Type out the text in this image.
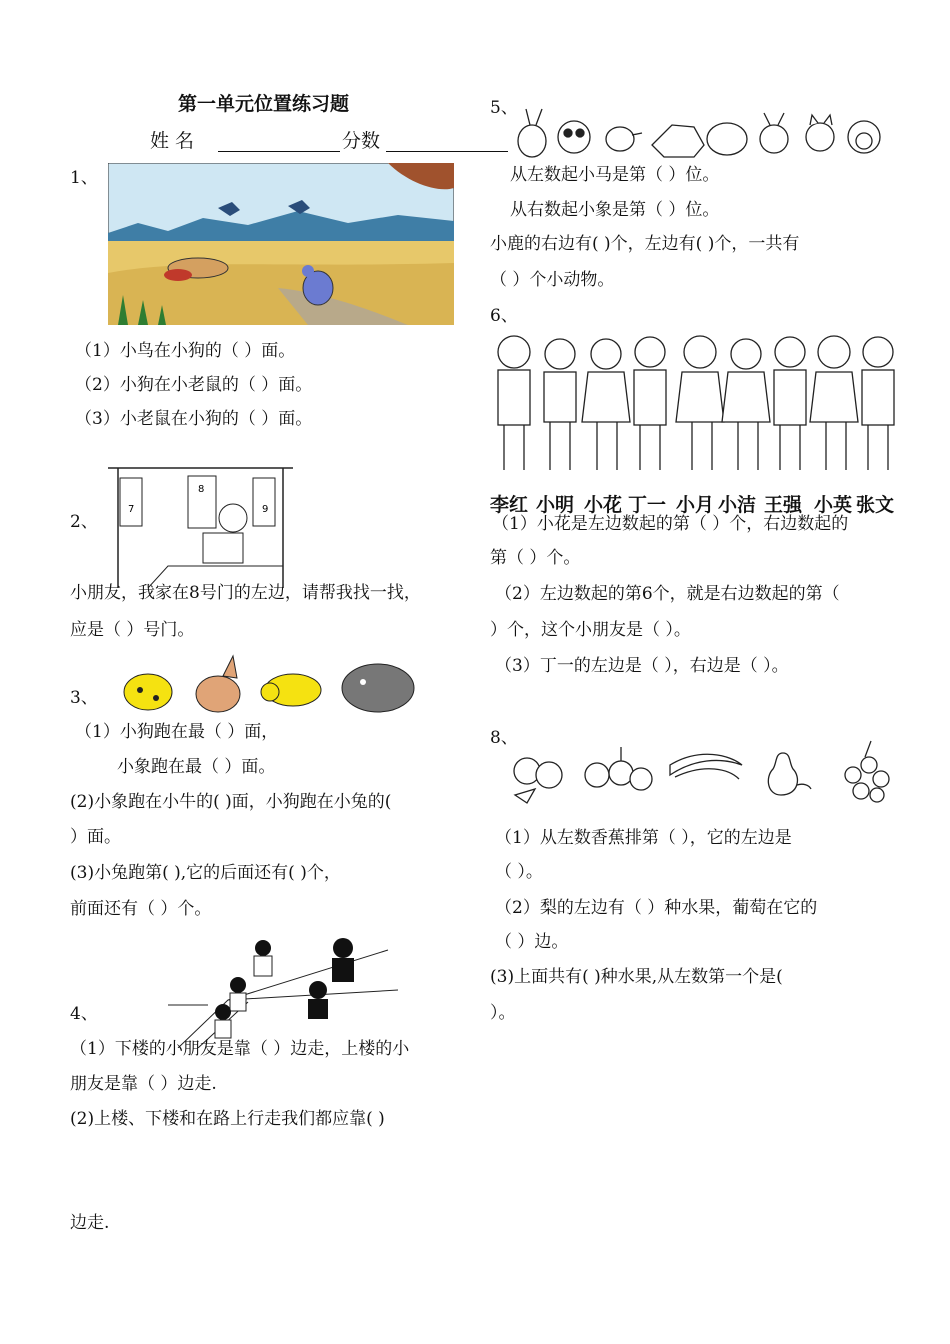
第一单元位置练习题
姓 名	分数
1、
（1）小鸟在小狗的（ ）面。
（2）小狗在小老鼠的（ ）面。
（3）小老鼠在小狗的（ ）面。
2、
7
8
9
小朋友，我家在8号门的左边，请帮我找一找，
应是（ ）号门。
3、
（1）小狗跑在最（ ）面，
小象跑在最（ ）面。
(2)小象跑在小牛的( )面，小狗跑在小兔的(
）面。
(3)小兔跑第( ),它的后面还有( )个，
前面还有（ ）个。
4、
（1）下楼的小朋友是靠（ ）边走，上楼的小
朋友是靠（ ）边走.
(2)上楼、下楼和在路上行走我们都应靠( )
边走.
5、
从左数起小马是第（ ）位。
从右数起小象是第（ ）位。
小鹿的右边有( )个，左边有( )个，一共有
（ ）个小动物。
6、
李红 小明 小花 丁一 小月 小洁 王强 小英 张文
（1）小花是左边数起的第（ ）个，右边数起的
第（ ）个。
（2）左边数起的第6个，就是右边数起的第（
）个，这个小朋友是（ ）。
（3）丁一的左边是（ ），右边是（ ）。
8、
（1）从左数香蕉排第（ ），它的左边是
（ ）。
（2）梨的左边有（ ）种水果，葡萄在它的
（ ）边。
(3)上面共有( )种水果,从左数第一个是(
）。
